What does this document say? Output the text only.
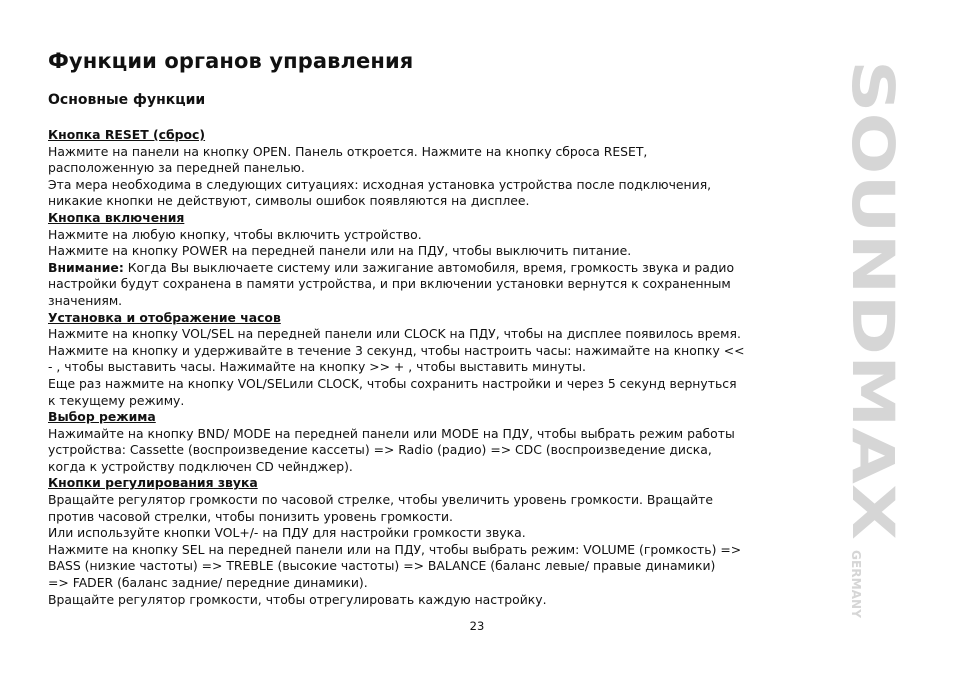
Функции органов управления
Основные функции

Кнопка RESET (сброс)

Нажмите на панели на кнопку OPEN. Панель откроется. Нажмите на кнопку сброса RESET,

расположенную за передней панелью.

Эта мера необходима в следующих ситуациях: исходная установка устройства после подключения,

никакие кнопки не действуют, символы ошибок появляются на дисплее.

Кнопка включения

Нажмите на любую кнопку, чтобы включить устройство.

Нажмите на кнопку POWER на передней панели или на ПДУ, чтобы выключить питание.

Внимание: Когда Вы выключаете систему или зажигание автомобиля, время, громкость звука и радио

настройки будут сохранена в памяти устройства, и при включении установки вернутся к сохраненным

значениям.

Установка и отображение часов

Нажмите на кнопку VOL/SEL на передней панели или CLOCK на ПДУ, чтобы на дисплее появилось время.

Нажмите на кнопку и удерживайте в течение 3 секунд, чтобы настроить часы: нажимайте на кнопку <<

- , чтобы выставить часы. Нажимайте на кнопку >> + , чтобы выставить минуты.

Еще раз нажмите на кнопку VOL/SELили CLOCK, чтобы сохранить настройки и через 5 секунд вернуться

к текущему режиму.

Выбор режима

Нажимайте на кнопку BND/ MODE на передней панели или MODE на ПДУ, чтобы выбрать режим работы

устройства: Cassette (воспроизведение кассеты) => Radio (радио) => CDC (воспроизведение диска,

когда к устройству подключен CD чейнджер).

Кнопки регулирования звука

Вращайте регулятор громкости по часовой стрелке, чтобы увеличить уровень громкости. Вращайте

против часовой стрелки, чтобы понизить уровень громкости.

Или используйте кнопки VOL+/- на ПДУ для настройки громкости звука.

Нажмите на кнопку SEL на передней панели или на ПДУ, чтобы выбрать режим: VOLUME (громкость) =>

BASS (низкие частоты) => TREBLE (высокие частоты) => BALANCE (баланс левые/ правые динамики)

=> FADER (баланс задние/ передние динамики).

Вращайте регулятор громкости, чтобы отрегулировать каждую настройку.

23
SOUNDMAX
GERMANY
